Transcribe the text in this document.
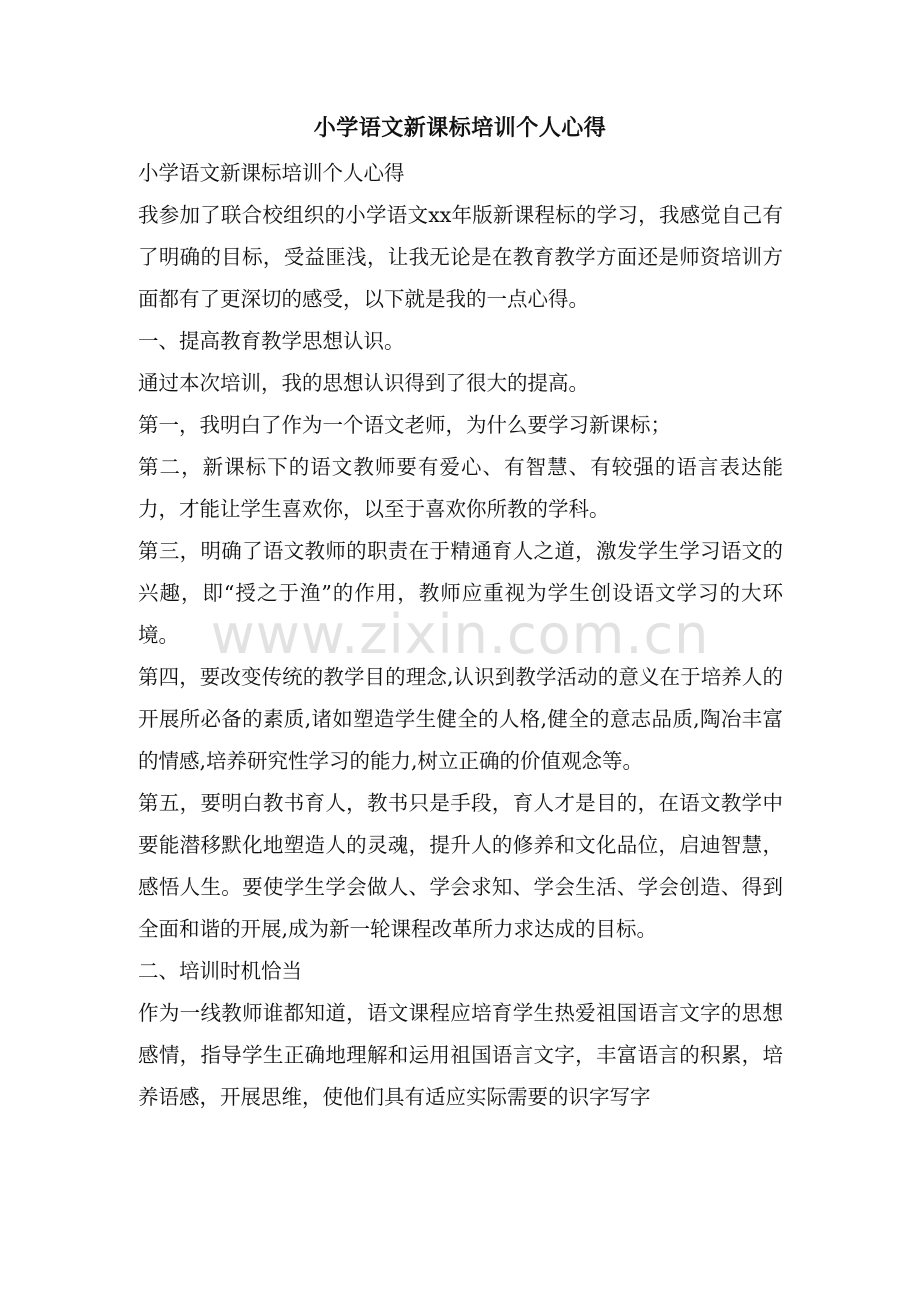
小学语文新课标培训个人心得

小学语文新课标培训个人心得

我参加了联合校组织的小学语文xx年版新课程标的学习，我感觉自己有了明确的目标，受益匪浅，让我无论是在教育教学方面还是师资培训方面都有了更深切的感受，以下就是我的一点心得。

一、提高教育教学思想认识。

通过本次培训，我的思想认识得到了很大的提高。

第一，我明白了作为一个语文老师，为什么要学习新课标；

第二，新课标下的语文教师要有爱心、有智慧、有较强的语言表达能力，才能让学生喜欢你，以至于喜欢你所教的学科。

第三，明确了语文教师的职责在于精通育人之道，激发学生学习语文的兴趣，即“授之于渔”的作用，教师应重视为学生创设语文学习的大环境。

第四，要改变传统的教学目的理念,认识到教学活动的意义在于培养人的开展所必备的素质,诸如塑造学生健全的人格,健全的意志品质,陶冶丰富的情感,培养研究性学习的能力,树立正确的价值观念等。

第五，要明白教书育人，教书只是手段，育人才是目的，在语文教学中要能潜移默化地塑造人的灵魂，提升人的修养和文化品位，启迪智慧，感悟人生。要使学生学会做人、学会求知、学会生活、学会创造、得到全面和谐的开展,成为新一轮课程改革所力求达成的目标。

二、培训时机恰当

作为一线教师谁都知道，语文课程应培育学生热爱祖国语言文字的思想感情，指导学生正确地理解和运用祖国语言文字，丰富语言的积累，培养语感，开展思维，使他们具有适应实际需要的识字写字

www.zixin.com.cn
